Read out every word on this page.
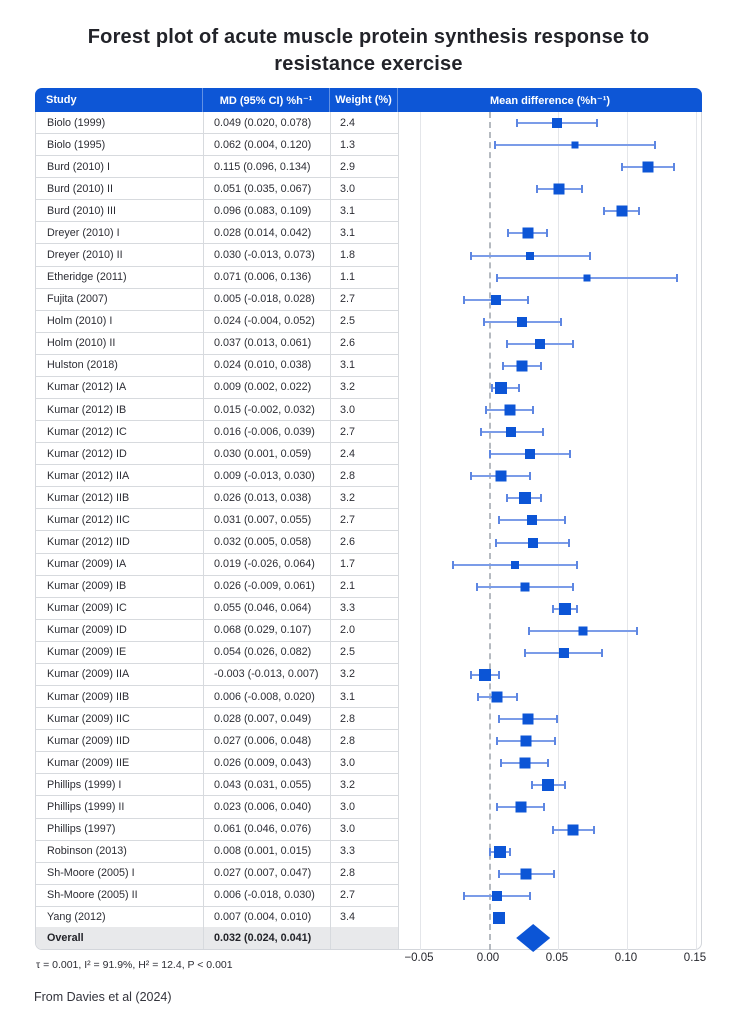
Forest plot of acute muscle protein synthesis response to resistance exercise
Study	MD (95% CI) %h⁻¹	Weight (%)	Mean difference (%h⁻¹)
Biolo (1999)	0.049 (0.020, 0.078)	2.4
Biolo (1995)	0.062 (0.004, 0.120)	1.3
Burd (2010) I	0.115 (0.096, 0.134)	2.9
Burd (2010) II	0.051 (0.035, 0.067)	3.0
Burd (2010) III	0.096 (0.083, 0.109)	3.1
Dreyer (2010) I	0.028 (0.014, 0.042)	3.1
Dreyer (2010) II	0.030 (-0.013, 0.073)	1.8
Etheridge (2011)	0.071 (0.006, 0.136)	1.1
Fujita (2007)	0.005 (-0.018, 0.028)	2.7
Holm (2010) I	0.024 (-0.004, 0.052)	2.5
Holm (2010) II	0.037 (0.013, 0.061)	2.6
Hulston (2018)	0.024 (0.010, 0.038)	3.1
Kumar (2012) IA	0.009 (0.002, 0.022)	3.2
Kumar (2012) IB	0.015 (-0.002, 0.032)	3.0
Kumar (2012) IC	0.016 (-0.006, 0.039)	2.7
Kumar (2012) ID	0.030 (0.001, 0.059)	2.4
Kumar (2012) IIA	0.009 (-0.013, 0.030)	2.8
Kumar (2012) IIB	0.026 (0.013, 0.038)	3.2
Kumar (2012) IIC	0.031 (0.007, 0.055)	2.7
Kumar (2012) IID	0.032 (0.005, 0.058)	2.6
Kumar (2009) IA	0.019 (-0.026, 0.064)	1.7
Kumar (2009) IB	0.026 (-0.009, 0.061)	2.1
Kumar (2009) IC	0.055 (0.046, 0.064)	3.3
Kumar (2009) ID	0.068 (0.029, 0.107)	2.0
Kumar (2009) IE	0.054 (0.026, 0.082)	2.5
Kumar (2009) IIA	-0.003 (-0.013, 0.007)	3.2
Kumar (2009) IIB	0.006 (-0.008, 0.020)	3.1
Kumar (2009) IIC	0.028 (0.007, 0.049)	2.8
Kumar (2009) IID	0.027 (0.006, 0.048)	2.8
Kumar (2009) IIE	0.026 (0.009, 0.043)	3.0
Phillips (1999) I	0.043 (0.031, 0.055)	3.2
Phillips (1999) II	0.023 (0.006, 0.040)	3.0
Phillips (1997)	0.061 (0.046, 0.076)	3.0
Robinson (2013)	0.008 (0.001, 0.015)	3.3
Sh-Moore (2005) I	0.027 (0.007, 0.047)	2.8
Sh-Moore (2005) II	0.006 (-0.018, 0.030)	2.7
Yang (2012)	0.007 (0.004, 0.010)	3.4
Overall	0.032 (0.024, 0.041)
−0.05	0.00	0.05	0.10	0.15
τ = 0.001, I² = 91.9%, H² = 12.4, P < 0.001
From Davies et al (2024)
